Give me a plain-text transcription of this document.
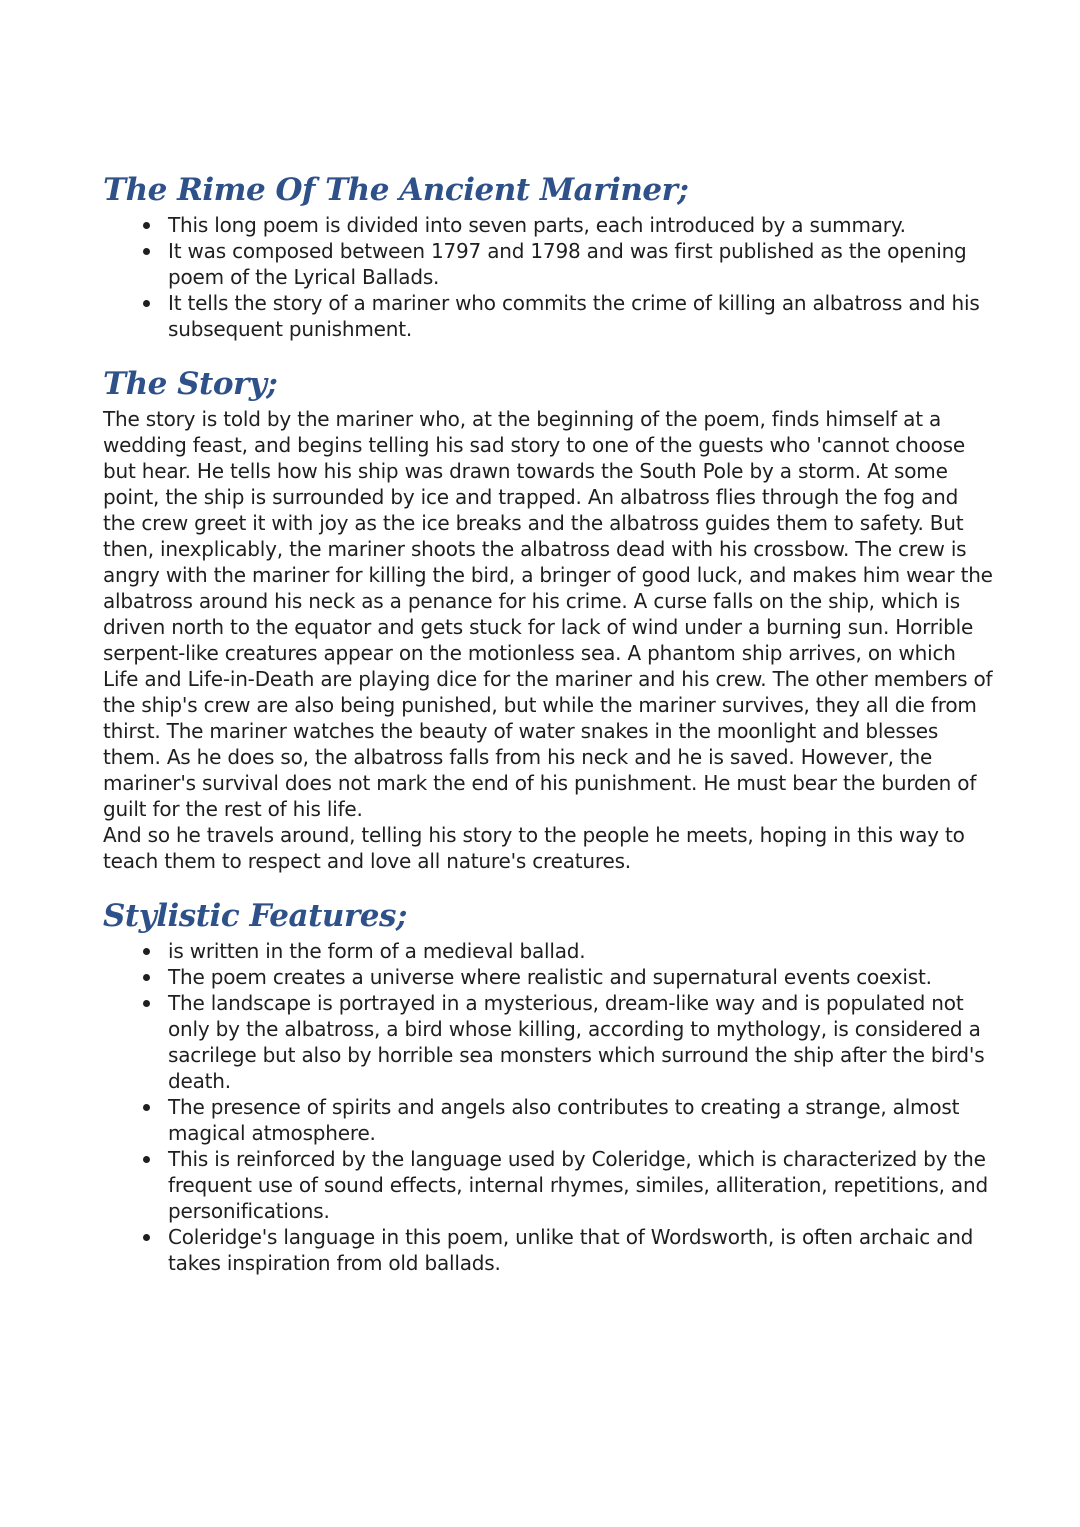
The Rime Of The Ancient Mariner;
This long poem is divided into seven parts, each introduced by a summary.
It was composed between 1797 and 1798 and was first published as the opening poem of the Lyrical Ballads.
It tells the story of a mariner who commits the crime of killing an albatross and his subsequent punishment.
The Story;

The story is told by the mariner who, at the beginning of the poem, finds himself at a wedding feast, and begins telling his sad story to one of the guests who 'cannot choose but hear. He tells how his ship was drawn towards the South Pole by a storm. At some point, the ship is surrounded by ice and trapped. An albatross flies through the fog and the crew greet it with joy as the ice breaks and the albatross guides them to safety. But then, inexplicably, the mariner shoots the albatross dead with his crossbow. The crew is angry with the mariner for killing the bird, a bringer of good luck, and makes him wear the albatross around his neck as a penance for his crime. A curse falls on the ship, which is driven north to the equator and gets stuck for lack of wind under a burning sun. Horrible serpent-like creatures appear on the motionless sea. A phantom ship arrives, on which Life and Life-in-Death are playing dice for the mariner and his crew. The other members of the ship's crew are also being punished, but while the mariner survives, they all die from thirst. The mariner watches the beauty of water snakes in the moonlight and blesses them. As he does so, the albatross falls from his neck and he is saved. However, the mariner's survival does not mark the end of his punishment. He must bear the burden of guilt for the rest of his life.

And so he travels around, telling his story to the people he meets, hoping in this way to teach them to respect and love all nature's creatures.

Stylistic Features;
is written in the form of a medieval ballad.
The poem creates a universe where realistic and supernatural events coexist.
The landscape is portrayed in a mysterious, dream-like way and is populated not only by the albatross, a bird whose killing, according to mythology, is considered a sacrilege but also by horrible sea monsters which surround the ship after the bird's death.
The presence of spirits and angels also contributes to creating a strange, almost magical atmosphere.
This is reinforced by the language used by Coleridge, which is characterized by the frequent use of sound effects, internal rhymes, similes, alliteration, repetitions, and personifications.
Coleridge's language in this poem, unlike that of Wordsworth, is often archaic and takes inspiration from old ballads.
